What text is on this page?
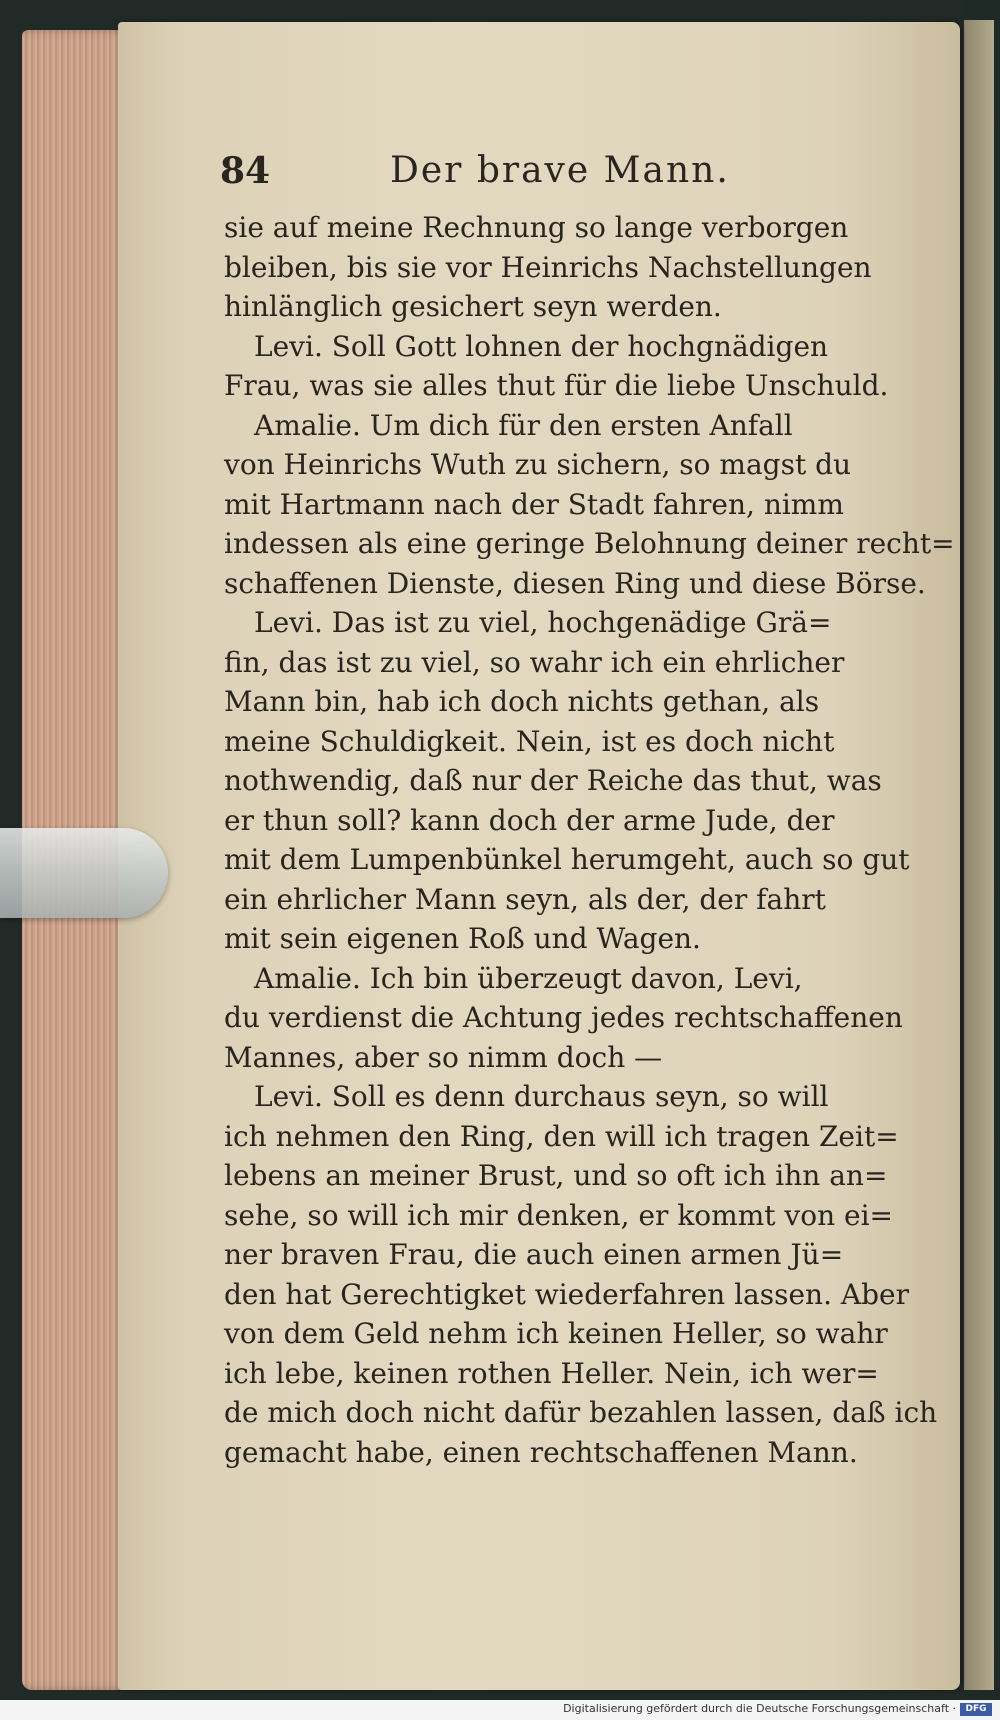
84	Der brave Mann.
sie auf meine Rechnung so lange verborgen
bleiben, bis sie vor Heinrichs Nachstellungen
hinlänglich gesichert seyn werden.
Levi. Soll Gott lohnen der hochgnädigen
Frau, was sie alles thut für die liebe Unschuld.
Amalie. Um dich für den ersten Anfall
von Heinrichs Wuth zu sichern, so magst du
mit Hartmann nach der Stadt fahren, nimm
indessen als eine geringe Belohnung deiner recht=
schaffenen Dienste, diesen Ring und diese Börse.
Levi. Das ist zu viel, hochgenädige Grä=
fin, das ist zu viel, so wahr ich ein ehrlicher
Mann bin, hab ich doch nichts gethan, als
meine Schuldigkeit. Nein, ist es doch nicht
nothwendig, daß nur der Reiche das thut, was
er thun soll? kann doch der arme Jude, der
mit dem Lumpenbünkel herumgeht, auch so gut
ein ehrlicher Mann seyn, als der, der fahrt
mit sein eigenen Roß und Wagen.
Amalie. Ich bin überzeugt davon, Levi,
du verdienst die Achtung jedes rechtschaffenen
Mannes, aber so nimm doch —
Levi. Soll es denn durchaus seyn, so will
ich nehmen den Ring, den will ich tragen Zeit=
lebens an meiner Brust, und so oft ich ihn an=
sehe, so will ich mir denken, er kommt von ei=
ner braven Frau, die auch einen armen Jü=
den hat Gerechtigket wiederfahren lassen. Aber
von dem Geld nehm ich keinen Heller, so wahr
ich lebe, keinen rothen Heller. Nein, ich wer=
de mich doch nicht dafür bezahlen lassen, daß ich
gemacht habe, einen rechtschaffenen Mann.
Digitalisierung gefördert durch die Deutsche Forschungsgemeinschaft ·	DFG
